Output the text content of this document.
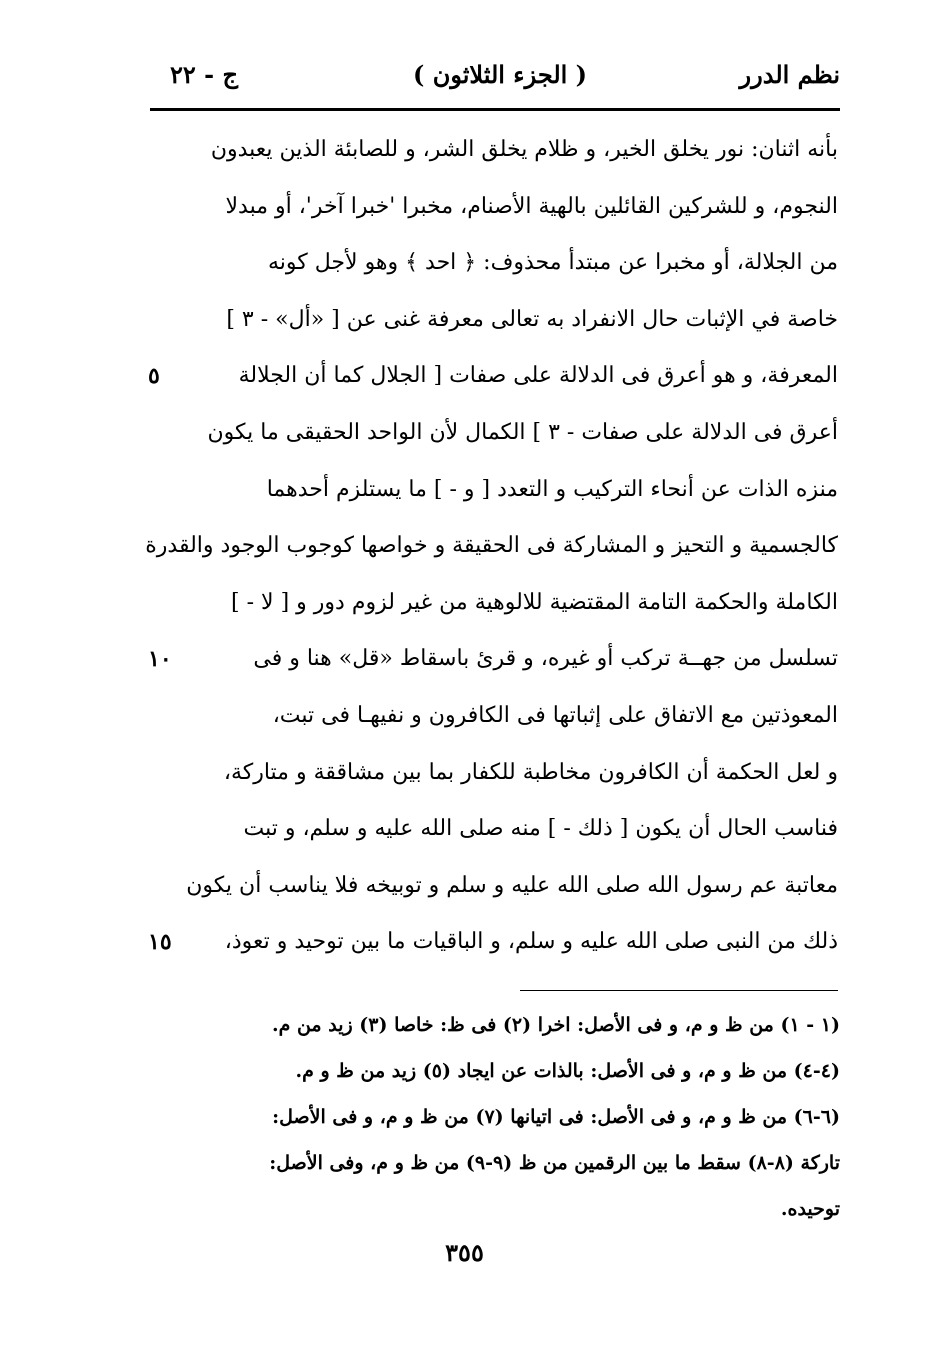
نظم الدرر
( الجزء الثلاثون )
ج - ٢٢
بأنه اثنان: نور يخلق الخير، و ظلام يخلق الشر، و للصابئة الذين يعبدون
النجوم، و للشركين القائلين بالهية الأصنام، مخبرا 'خبرا آخر'، أو مبدلا
من الجلالة، أو مخبرا عن مبتدأ محذوف: ﴿ احد ﴾ وهو لأجل كونه
خاصة في الإثبات حال الانفراد به تعالى معرفة غنى عن [ «أل» - ٣ ]
المعرفة، و هو أعرق فى الدلالة على صفات [ الجلال كما أن الجلالة
٥
أعرق فى الدلالة على صفات - ٣ ] الكمال لأن الواحد الحقيقى ما يكون
منزه الذات عن أنحاء التركيب و التعدد [ و - ] ما يستلزم أحدهما
كالجسمية و التحيز و المشاركة فى الحقيقة و خواصها كوجوب الوجود والقدرة
الكاملة والحكمة التامة المقتضية للالوهية من غير لزوم دور و [ لا - ]
تسلسل من جهــة تركب أو غيره، و قرئ باسقاط «قل» هنا و فى
١٠
المعوذتين مع الاتفاق على إثباتها فى الكافرون و نفيهـا فى تبت،
و لعل الحكمة أن الكافرون مخاطبة للكفار بما بين مشاققة و متاركة،
فناسب الحال أن يكون [ ذلك - ] منه صلى الله عليه و سلم، و تبت
معاتبة عم رسول الله صلى الله عليه و سلم و توبيخه فلا يناسب أن يكون
ذلك من النبى صلى الله عليه و سلم، و الباقيات ما بين توحيد و تعوذ،
١٥
(١ - ١) من ظ و م، و فى الأصل: اخرا (٢) فى ظ: خاصا (٣) زيد من م.
(٤-٤) من ظ و م، و فى الأصل: بالذات عن ايجاد (٥) زيد من ظ و م.
(٦-٦) من ظ و م، و فى الأصل: فى اتيانها (٧) من ظ و م، و فى الأصل:
تاركة (٨-٨) سقط ما بين الرقمين من ظ (٩-٩) من ظ و م، وفى الأصل:
توحيده.
٣٥٥
